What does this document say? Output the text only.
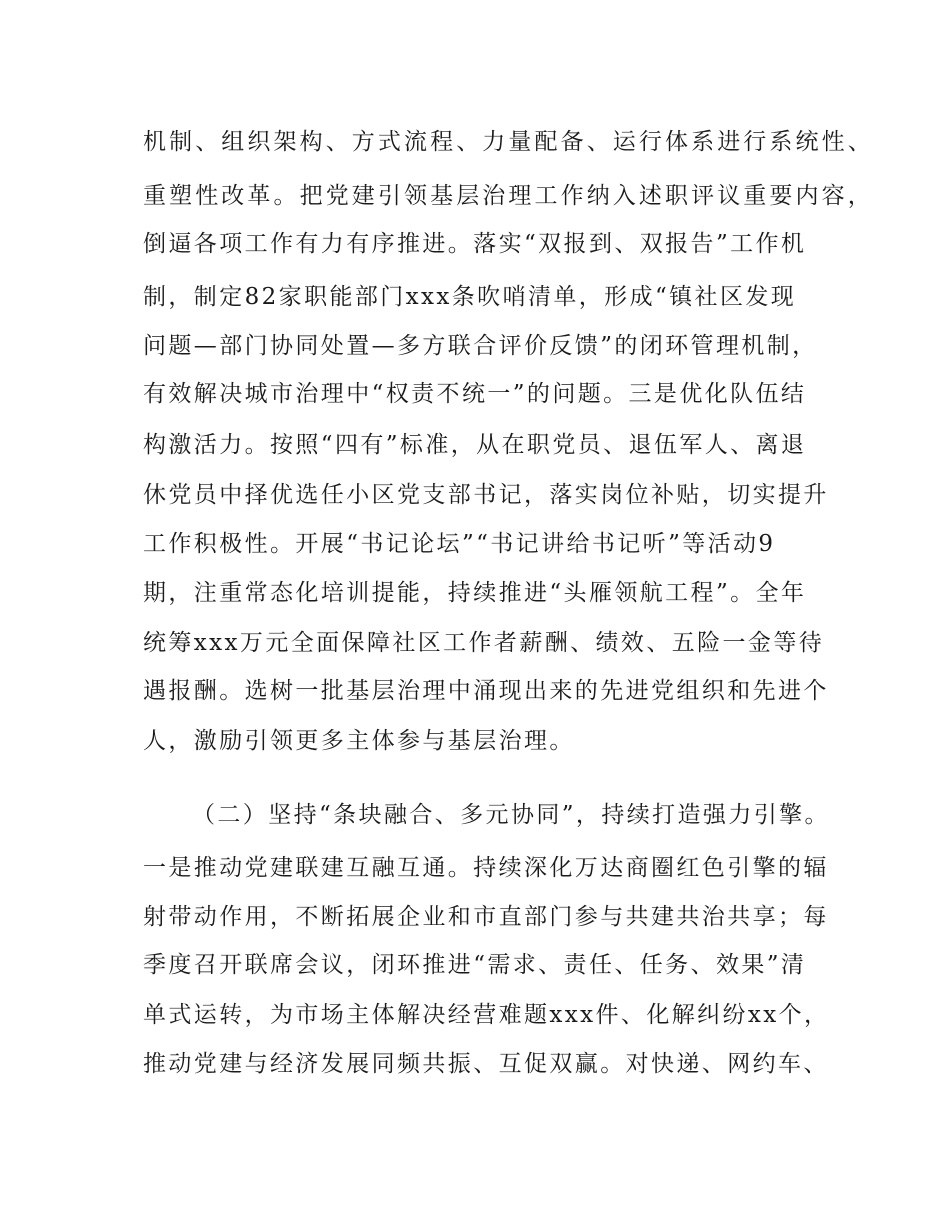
机制、组织架构、方式流程、力量配备、运行体系进行系统性、
重塑性改革。把党建引领基层治理工作纳入述职评议重要内容，
倒逼各项工作有力有序推进。落实“双报到、双报告”工作机
制，制定82家职能部门xxx条吹哨清单，形成“镇社区发现
问题—部门协同处置—多方联合评价反馈”的闭环管理机制，
有效解决城市治理中“权责不统一”的问题。三是优化队伍结
构激活力。按照“四有”标准，从在职党员、退伍军人、离退
休党员中择优选任小区党支部书记，落实岗位补贴，切实提升
工作积极性。开展“书记论坛”“书记讲给书记听”等活动9
期，注重常态化培训提能，持续推进“头雁领航工程”。全年
统筹xxx万元全面保障社区工作者薪酬、绩效、五险一金等待
遇报酬。选树一批基层治理中涌现出来的先进党组织和先进个
人，激励引领更多主体参与基层治理。
（二）坚持“条块融合、多元协同”，持续打造强力引擎。
一是推动党建联建互融互通。持续深化万达商圈红色引擎的辐
射带动作用，不断拓展企业和市直部门参与共建共治共享；每
季度召开联席会议，闭环推进“需求、责任、任务、效果”清
单式运转，为市场主体解决经营难题xxx件、化解纠纷xx个，
推动党建与经济发展同频共振、互促双赢。对快递、网约车、
